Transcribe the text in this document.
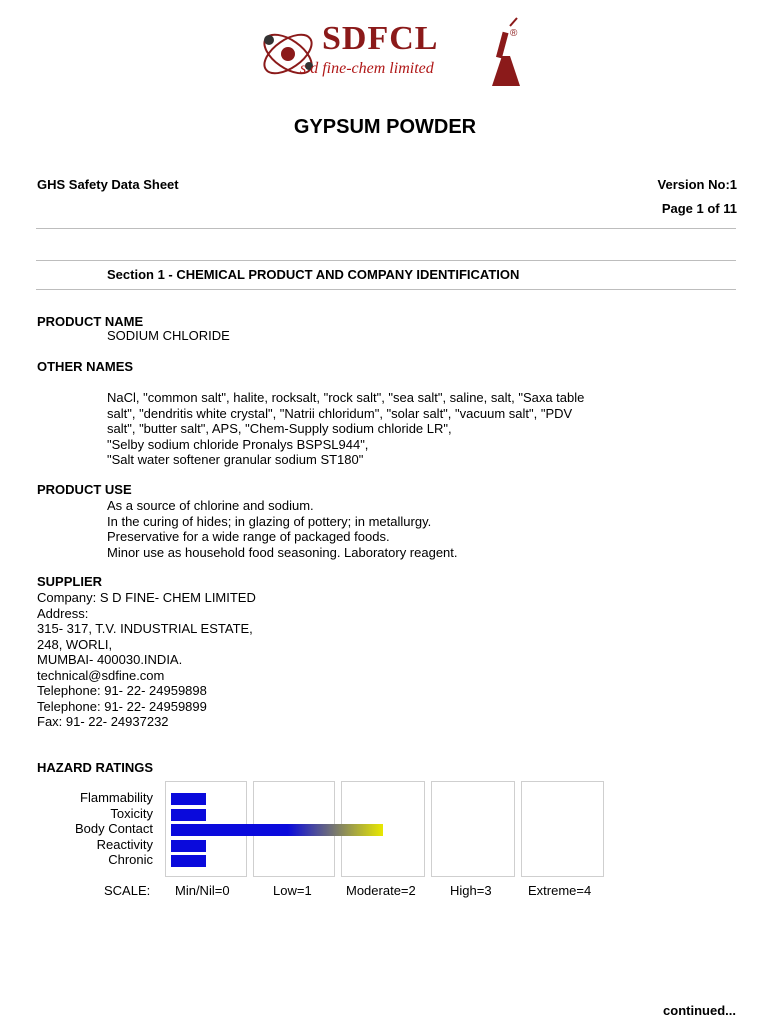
SDFCL
s d fine-chem limited
®
GYPSUM POWDER
GHS Safety Data Sheet	Version No:1
Page 1 of 11
Section 1 - CHEMICAL PRODUCT AND COMPANY IDENTIFICATION
PRODUCT NAME
SODIUM CHLORIDE
OTHER NAMES
NaCl, "common salt", halite, rocksalt, "rock salt", "sea salt", saline, salt, "Saxa table
salt", "dendritis white crystal", "Natrii chloridum", "solar salt", "vacuum salt", "PDV
salt", "butter salt", APS, "Chem-Supply sodium chloride LR",
"Selby sodium chloride Pronalys BSPSL944",
"Salt water softener granular sodium ST180"
PRODUCT USE
As a source of chlorine and sodium.
In the curing of hides; in glazing of pottery; in metallurgy.
Preservative for a wide range of packaged foods.
Minor use as household food seasoning. Laboratory reagent.
SUPPLIER
Company: S D FINE- CHEM LIMITED
Address:
315- 317, T.V. INDUSTRIAL ESTATE,
248, WORLI,
MUMBAI- 400030.INDIA.
technical@sdfine.com
Telephone: 91- 22- 24959898
Telephone: 91- 22- 24959899
Fax: 91- 22- 24937232
HAZARD RATINGS
Flammability
Toxicity
Body Contact
Reactivity
Chronic
SCALE: Min/Nil=0	Low=1	Moderate=2	High=3	Extreme=4
continued...
